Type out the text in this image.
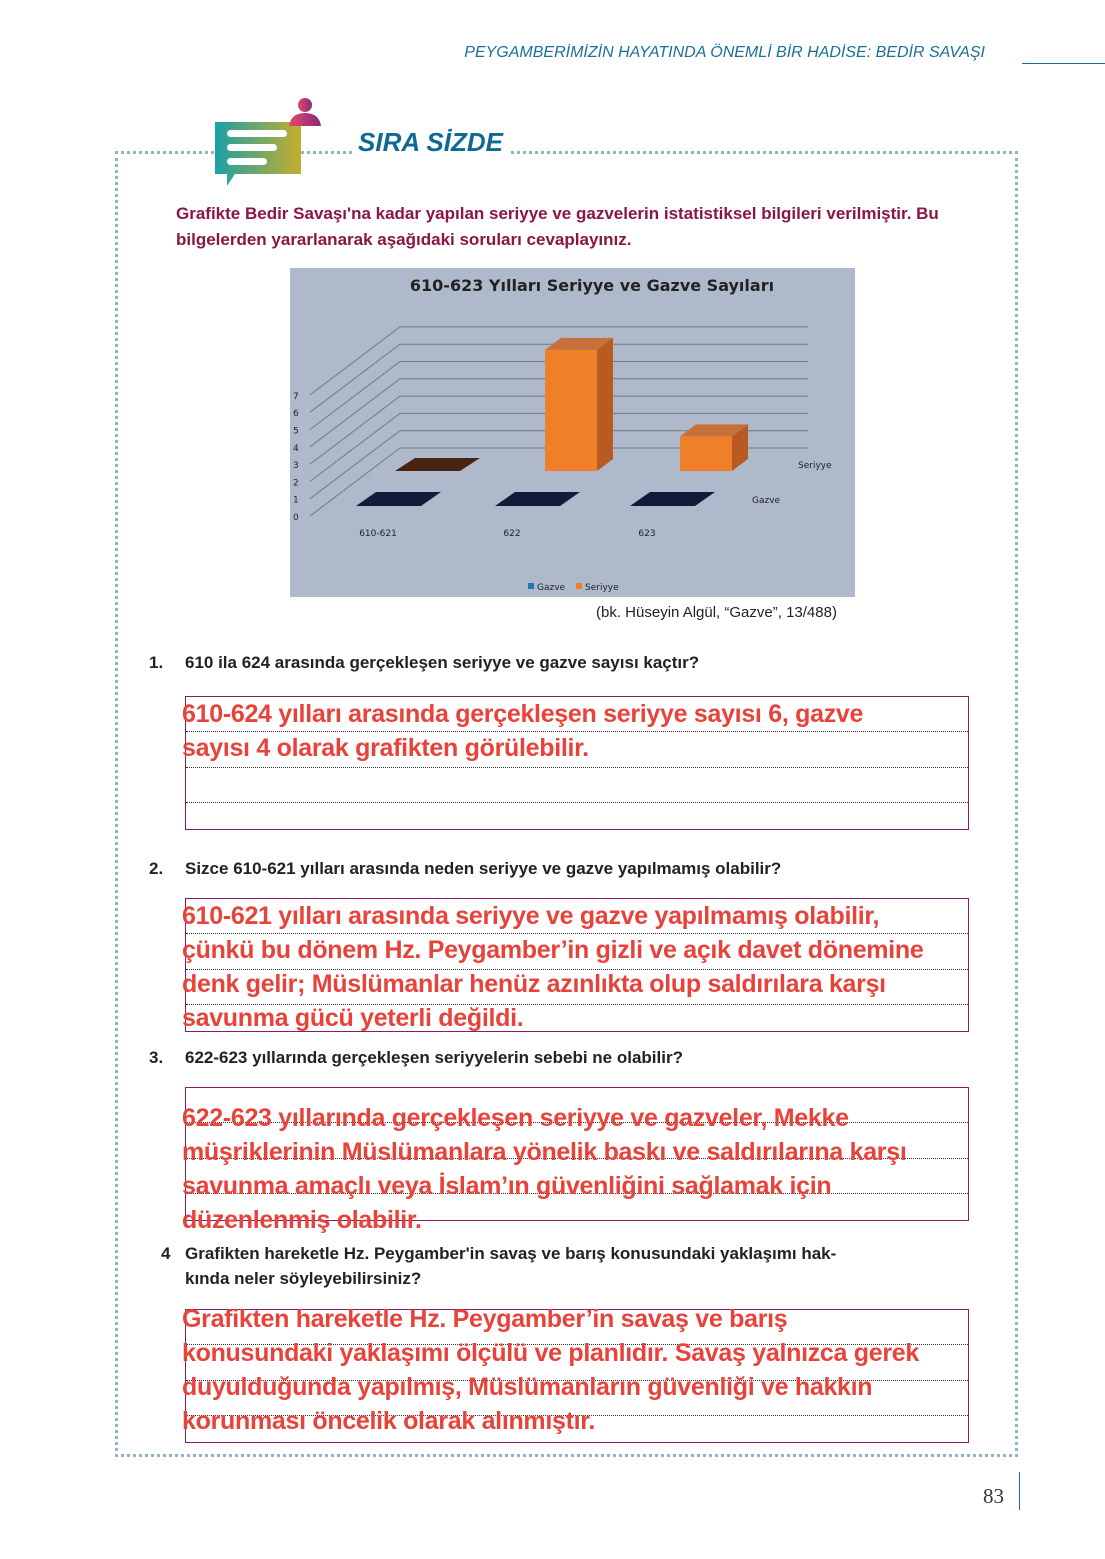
PEYGAMBERİMİZİN HAYATINDA ÖNEMLİ BİR HADİSE: BEDİR SAVAŞI
SIRA SİZDE
Grafikte Bedir Savaşı'na kadar yapılan seriyye ve gazvelerin istatistiksel bilgileri verilmiştir. Bu bilgelerden yararlanarak aşağıdaki soruları cevaplayınız.
610-623 Yılları Seriyye ve Gazve Sayıları
0
1
2
3
4
5
6
7
610-621	622	623
Seriyye
Gazve
Gazve Seriyye
(bk. Hüseyin Algül, “Gazve”, 13/488)
1. 610 ila 624 arasında gerçekleşen seriyye ve gazve sayısı kaçtır?
610-624 yılları arasında gerçekleşen seriyye sayısı 6, gazve
sayısı 4 olarak grafikten görülebilir.
2. Sizce 610-621 yılları arasında neden seriyye ve gazve yapılmamış olabilir?
610-621 yılları arasında seriyye ve gazve yapılmamış olabilir,
çünkü bu dönem Hz. Peygamber’in gizli ve açık davet dönemine
denk gelir; Müslümanlar henüz azınlıkta olup saldırılara karşı
savunma gücü yeterli değildi.
3. 622-623 yıllarında gerçekleşen seriyyelerin sebebi ne olabilir?
622-623 yıllarında gerçekleşen seriyye ve gazveler, Mekke
müşriklerinin Müslümanlara yönelik baskı ve saldırılarına karşı
savunma amaçlı veya İslam’ın güvenliğini sağlamak için
düzenlenmiş olabilir.
4 Grafikten hareketle Hz. Peygamber'in savaş ve barış konusundaki yaklaşımı hak-
kında neler söyleyebilirsiniz?
Grafikten hareketle Hz. Peygamber’in savaş ve barış
konusundaki yaklaşımı ölçülü ve planlıdır. Savaş yalnızca gerek
duyulduğunda yapılmış, Müslümanların güvenliği ve hakkın
korunması öncelik olarak alınmıştır.
83
